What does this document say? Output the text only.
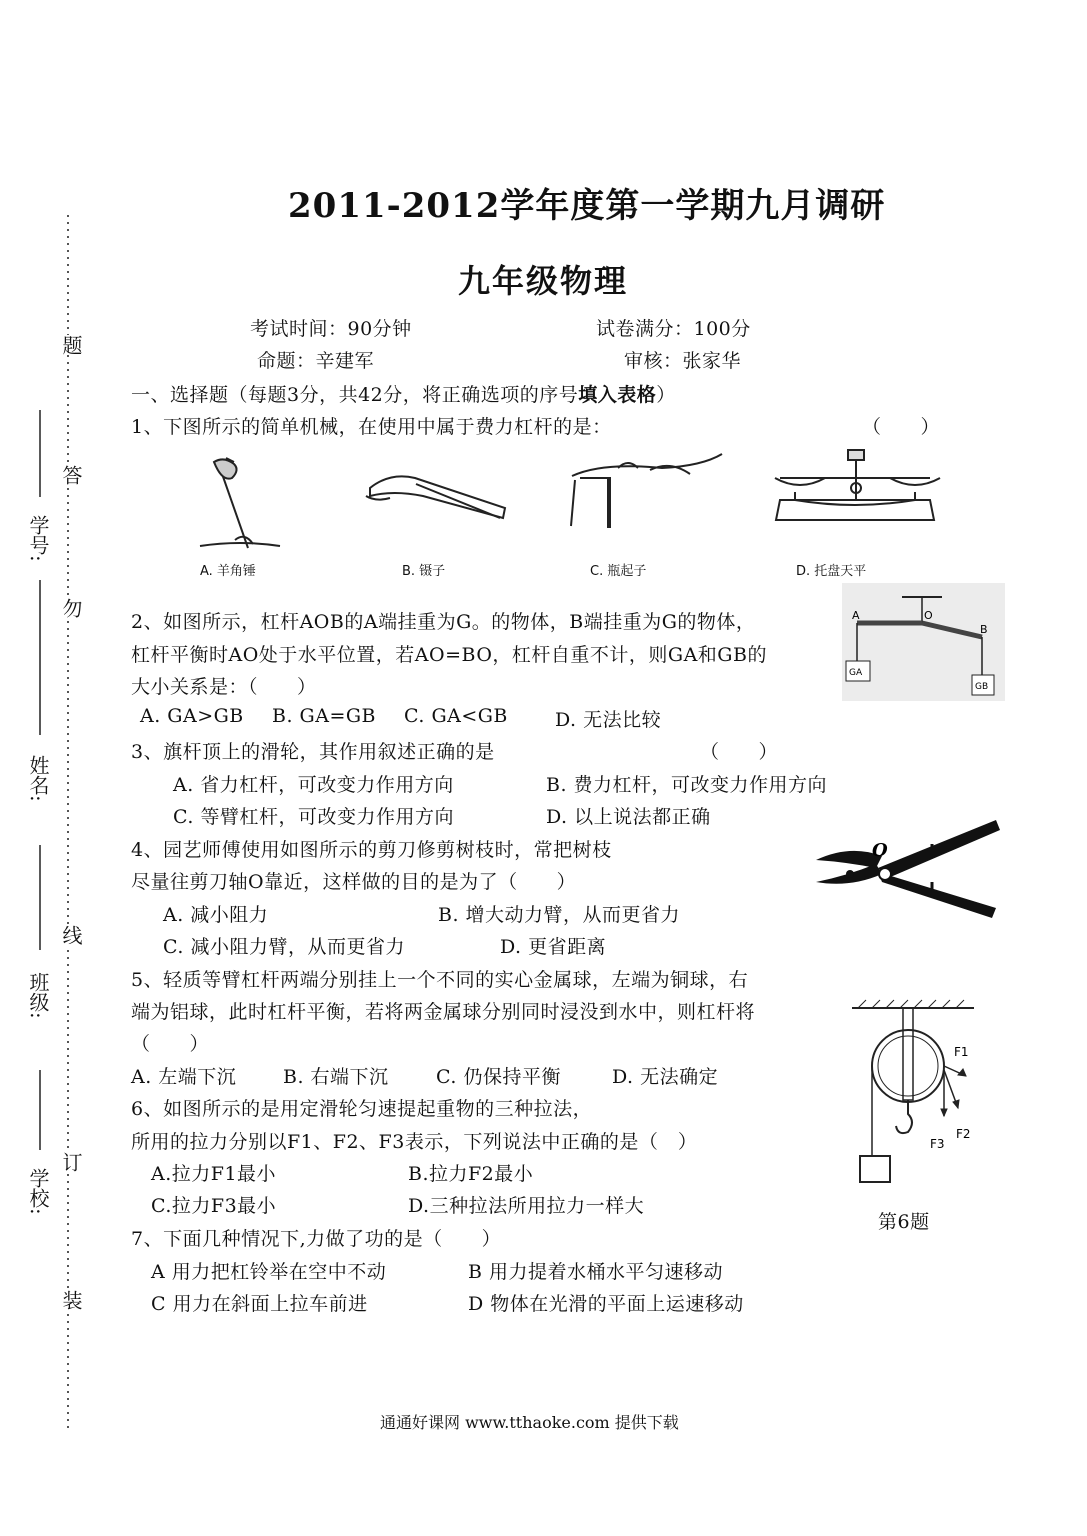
题
答
勿
线
订
装
学号:
姓名:
班级:
学校:
2011-2012学年度第一学期九月调研
九年级物理
考试时间：90分钟	试卷满分：100分
命题：辛建军	审核：张家华
一、选择题（每题3分，共42分，将正确选项的序号填入表格）
1、下图所示的简单机械，在使用中属于费力杠杆的是：	（　　）
A. 羊角锤	B. 镊子	C. 瓶起子	D. 托盘天平
2、如图所示，杠杆AOB的A端挂重为G。的物体，B端挂重为G的物体，
杠杆平衡时AO处于水平位置，若AO=BO，杠杆自重不计，则GA和GB的
大小关系是：（　　）
A. GA>GB B. GA=GB C. GA<GB D. 无法比较
A	O
B
GA
GB
3、旗杆顶上的滑轮，其作用叙述正确的是	（　　）
A. 省力杠杆，可改变力作用方向	B. 费力杠杆，可改变力作用方向
C. 等臂杠杆，可改变力作用方向	D. 以上说法都正确
4、园艺师傅使用如图所示的剪刀修剪树枝时，常把树枝
尽量往剪刀轴O靠近，这样做的目的是为了（　　）
A. 减小阻力	B. 增大动力臂，从而更省力
C. 减小阻力臂，从而更省力	D. 更省距离
O
5、轻质等臂杠杆两端分别挂上一个不同的实心金属球，左端为铜球，右
端为铝球，此时杠杆平衡，若将两金属球分别同时浸没到水中，则杠杆将
（　　）
A. 左端下沉 B. 右端下沉 C. 仍保持平衡	D. 无法确定
6、如图所示的是用定滑轮匀速提起重物的三种拉法，
所用的拉力分别以F1、F2、F3表示，下列说法中正确的是（　）
A.拉力F1最小	B.拉力F2最小
C.拉力F3最小	D.三种拉法所用拉力一样大
F1
F2
F3
第6题
7、下面几种情况下,力做了功的是（　　）
A 用力把杠铃举在空中不动	B 用力提着水桶水平匀速移动
C 用力在斜面上拉车前进	D 物体在光滑的平面上运速移动
通通好课网 www.tthaoke.com 提供下载
